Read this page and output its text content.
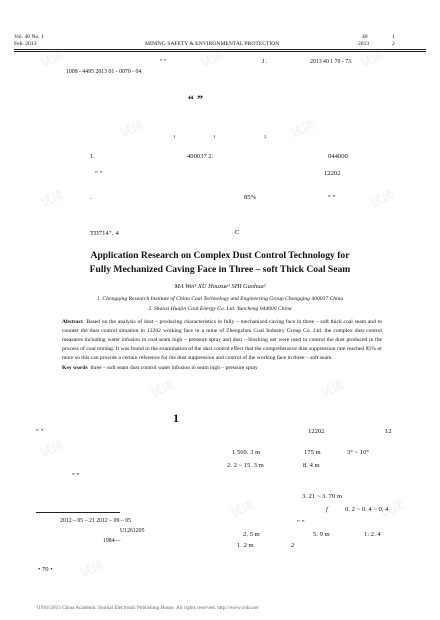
试读	试读	试读
试读	试读
试读	试读
试读	试读
试读
试读	试读
试读
Vol. 40 No. 1
Feb. 2013	MINING SAFETY & ENVIRONMENTAL PROTECTION
40	1
2013	2
“ ”	J .	2013 40 1 70 - 73.
1008 - 4495 2013 01 - 0070 - 04
“ ”
1	1	2
1.	400037 2.	044000
“ ”	12202
.	85%	“ ”
TD714⁺. 4	C
Application Research on Complex Dust Control Technology for
Fully Mechanized Caving Face in Three – soft Thick Coal Seam
MA Wei¹ XU Houxue¹ SHI Guohua²
1. Chongqing Research Institute of China Coal Technology and Engineering Group Chongqing 400037 China
2. Shanxi Huajin Coal Energy Co. Ltd. Yuncheng 044000 China
Abstract Based on the analysis of dust – producing characteristics in fully – mechanized caving face in three – soft thick coal seam and to counter the dust control situation in 12202 working face in a mine of Zhengzhou Coal Industry Group Co. Ltd. the complex dust control measures including water infusion in coal seam high – pressure spray and dust – blocking net were used to control the dust produced in the process of coal mining. It was found in the examination of the dust control effect that the comprehensive dust suppression rate reached 85% or more so this can provide a certain reference for the dust suppression and control of the working face in three – soft seam.
Key words three – soft seam dust control water infusion in seam high – pressure spray
1
“ ”	12202	12
1 569. 3 m	175 m	3° ~ 10°
2. 2 ~ 15. 3 m	8. 4 m
“ ”
3. 21 ~ 3. 70 m
f	0. 2 ~ 0. 4 ~ 0. 4
“ ”
2. 5 m	5. 9 m	1: 2. 4
1. 2 m	2
2012 – 05 – 21 2012 – 09 – 05
U1261205
1984—
• 70 •
?1994-2015 China Academic Journal Electronic Publishing House. All rights reserved. http://www.cnki.net
